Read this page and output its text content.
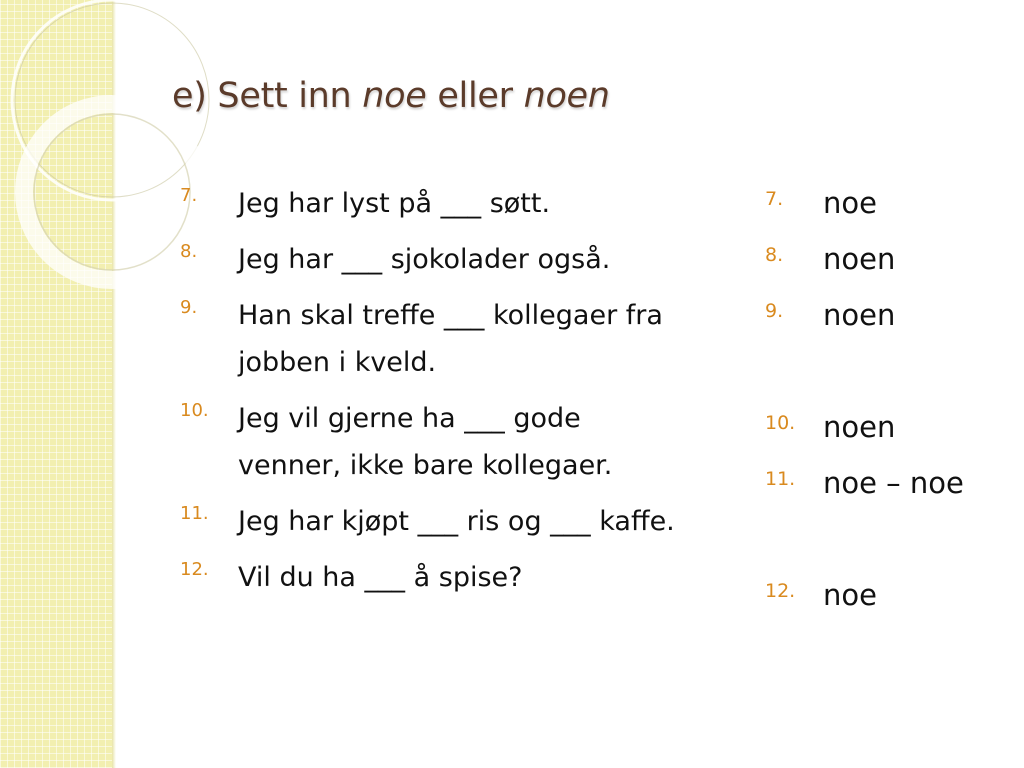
e) Sett inn noe eller noen
7. Jeg har lyst på ___ søtt.
8. Jeg har ___ sjokolader også.
9. Han skal treffe ___ kollegaer fra jobben i kveld.
10. Jeg vil gjerne ha ___ gode venner, ikke bare kollegaer.
11. Jeg har kjøpt ___ ris og ___ kaffe.
12. Vil du ha ___ å spise?
7. noe
8. noen
9. noen
10. noen
11. noe – noe
12. noe
